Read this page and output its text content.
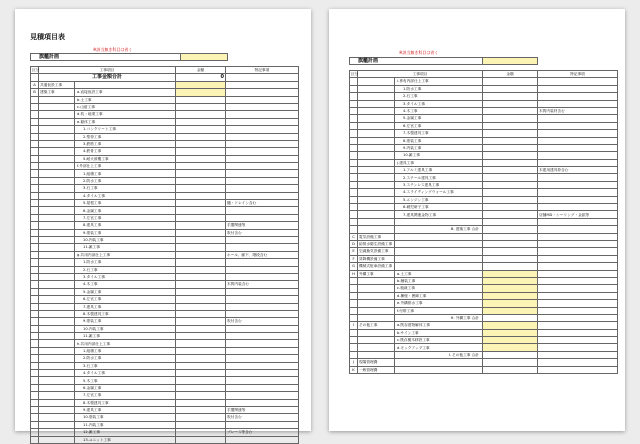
見積項目表
※該当無き科目は省く
旗艦計画		
区分	工事項目		金額	特記事項
	工事金額合計		0	
A	共通仮設工事			
B	建築工事	a.直接仮設工事		
		b.土工事		
		c.山留工事		
		d.杭・地業工事		
		e.躯体工事		
		1.コンクリート工事		
		2.型枠工事		
		3.鉄筋工事		
		4.鉄骨工事		
		5.耐火被覆工事		
		f.外部仕上工事		
		1.組積工事		
		2.防水工事		
		3.石工事		
		4.タイル工事		
		5.屋根工事		樋・ドレイン含む
		6.金属工事		
		7.左官工事		
		8.建具工事		手摺関連等
		9.塗装工事		吹付含む
		10.内装工事		
		11.雑工事		
		g.共用内部仕上工事		ホール、廊下、階段含む
		1.防水工事		
		2.石工事		
		3.タイル工事		
		4.木工事		木質内装含む
		5.金属工事		
		6.左官工事		
		7.建具工事		
		8.木製建具工事		
		9.塗装工事		吹付含む
		10.内装工事		
		11.雑工事		
		h.共用内部仕上工事		
		1.組積工事		
		2.防水工事		
		3.石工事		
		4.タイル工事		
		5.木工事		
		6.金属工事		
		7.左官工事		
		8.木製建具工事		
		9.建具工事		手摺関連等
		10.塗装工事		吹付含む
		11.内装工事		
		12.雑工事		ブレース等含む
		13.ユニット工事		
※該当無き科目は省く
旗艦計画		
区分	工事項目		金額	特記事項
		i.専有内部仕上工事		
		1.防水工事		
		2.石工事		
		3.タイル工事		
		4.木工事		木質内装材含む
		5.金属工事		
		6.左官工事		
		7.木製建具工事		
		8.塗装工事		
		9.内装工事		
		10.雑工事		
		j.建具工事		
		1.アルミ建具工事		木建用建具枠含む
		2.スチール建具工事		
		3.ステンレス建具工事		
		4.スライディングウォール工事		
		5.エンジン工事		
		6.硝児研子工事		
		7.建具関連金物工事		店舗MD・シーリング・金鉱等

		B. 建築工事 合計		
C	電気設備工事			
D	給排水衛生設備工事			
E	空調換気設備工事			
F	昇降機設備工事			
G	機械式駐車設備工事			
H	外構工事	a.土工事		
		b.舗装工事		
		c.植栽工事		
		d.擁壁・囲障工事		
		e.外構排水工事		
		f.付帯工事		
		H. 外構工事 合計		
I	その他工事	a.既存建物解体工事		
		b.サイン工事		
		c.既存樹木移設工事		
		d.モックアップ工事		
		I. その他工事 合計		
J	現場管理費			
K	一般管理費			
